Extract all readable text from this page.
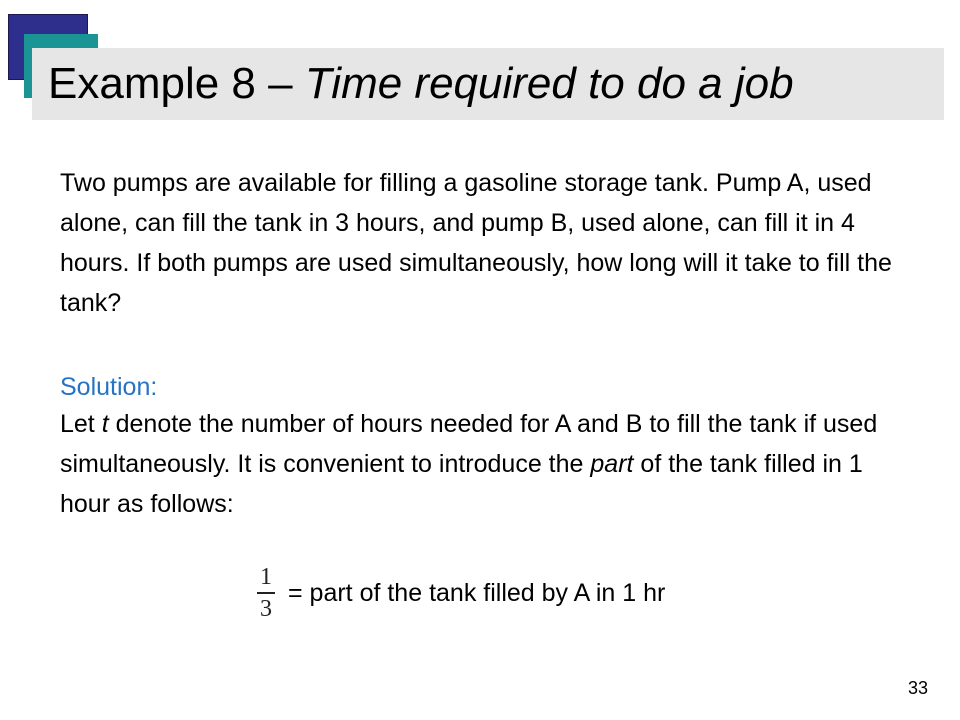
Example 8 – Time required to do a job
Two pumps are available for filling a gasoline storage tank. Pump A, used alone, can fill the tank in 3 hours, and pump B, used alone, can fill it in 4 hours. If both pumps are used simultaneously, how long will it take to fill the tank?
Solution:
Let t denote the number of hours needed for A and B to fill the tank if used simultaneously. It is convenient to introduce the part of the tank filled in 1 hour as follows:
1
3
= part of the tank filled by A in 1 hr
33
